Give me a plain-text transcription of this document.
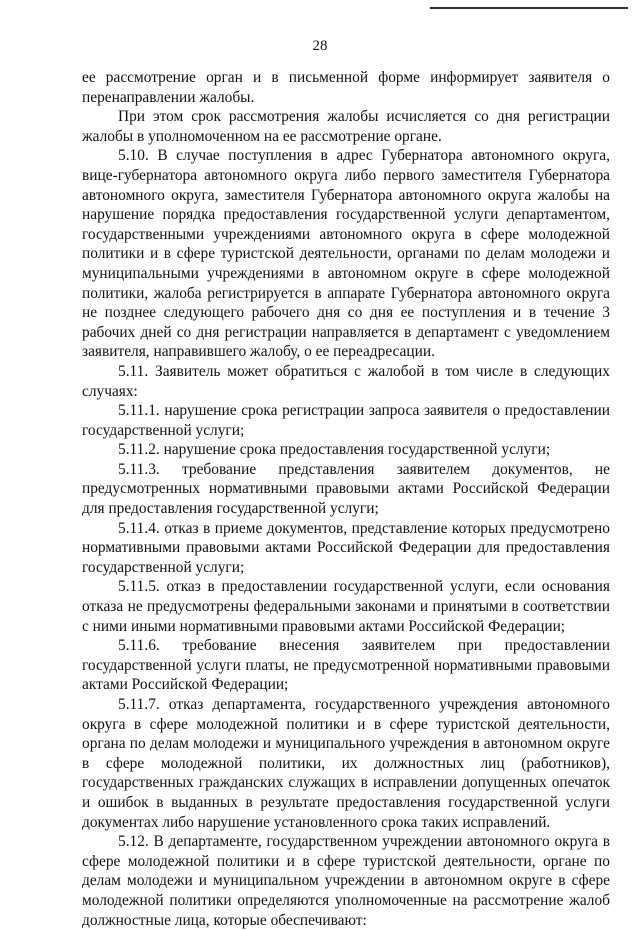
28

ее рассмотрение орган и в письменной форме информирует заявителя о перенаправлении жалобы.

При этом срок рассмотрения жалобы исчисляется со дня регистрации жалобы в уполномоченном на ее рассмотрение органе.

5.10. В случае поступления в адрес Губернатора автономного округа, вице-губернатора автономного округа либо первого заместителя Губернатора автономного округа, заместителя Губернатора автономного округа жалобы на нарушение порядка предоставления государственной услуги департаментом, государственными учреждениями автономного округа в сфере молодежной политики и в сфере туристской деятельности, органами по делам молодежи и муниципальными учреждениями в автономном округе в сфере молодежной политики, жалоба регистрируется в аппарате Губернатора автономного округа не позднее следующего рабочего дня со дня ее поступления и в течение 3 рабочих дней со дня регистрации направляется в департамент с уведомлением заявителя, направившего жалобу, о ее переадресации.

5.11. Заявитель может обратиться с жалобой в том числе в следующих случаях:

5.11.1. нарушение срока регистрации запроса заявителя о предоставлении государственной услуги;

5.11.2. нарушение срока предоставления государственной услуги;

5.11.3. требование представления заявителем документов, не предусмотренных нормативными правовыми актами Российской Федерации для предоставления государственной услуги;

5.11.4. отказ в приеме документов, представление которых предусмотрено нормативными правовыми актами Российской Федерации для предоставления государственной услуги;

5.11.5. отказ в предоставлении государственной услуги, если основания отказа не предусмотрены федеральными законами и принятыми в соответствии с ними иными нормативными правовыми актами Российской Федерации;

5.11.6. требование внесения заявителем при предоставлении государственной услуги платы, не предусмотренной нормативными правовыми актами Российской Федерации;

5.11.7. отказ департамента, государственного учреждения автономного округа в сфере молодежной политики и в сфере туристской деятельности, органа по делам молодежи и муниципального учреждения в автономном округе в сфере молодежной политики, их должностных лиц (работников), государственных гражданских служащих в исправлении допущенных опечаток и ошибок в выданных в результате предоставления государственной услуги документах либо нарушение установленного срока таких исправлений.

5.12. В департаменте, государственном учреждении автономного округа в сфере молодежной политики и в сфере туристской деятельности, органе по делам молодежи и муниципальном учреждении в автономном округе в сфере молодежной политики определяются уполномоченные на рассмотрение жалоб должностные лица, которые обеспечивают:
